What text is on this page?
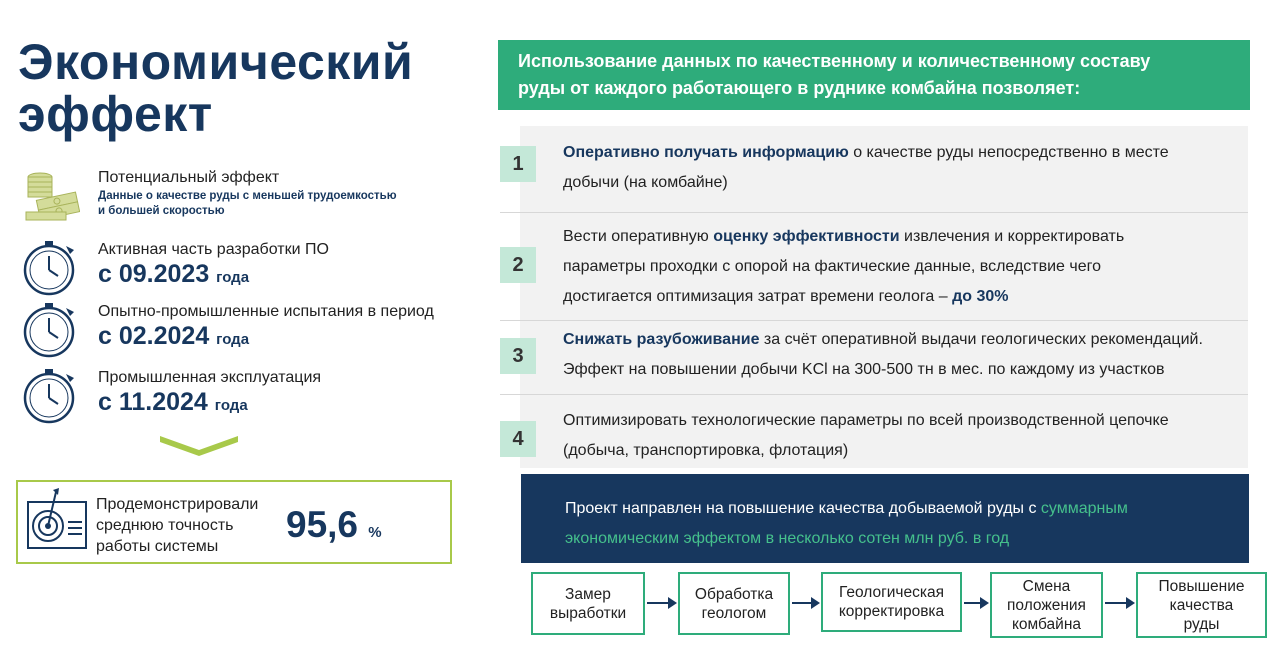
Экономический
эффект
Потенциальный эффект
Данные о качестве руды с меньшей трудоемкостью
и большей скоростью
Активная часть разработки ПО
с 09.2023 года
Опытно-промышленные испытания в период
с 02.2024 года
Промышленная эксплуатация
с 11.2024 года
Продемонстрировали
среднюю точность
работы системы
95,6 %
Использование данных по качественному и количественному составу
руды от каждого работающего в руднике комбайна позволяет:
1
Оперативно получать информацию о качестве руды непосредственно в месте
добычи (на комбайне)
2
Вести оперативную оценку эффективности извлечения и корректировать
параметры проходки с опорой на фактические данные, вследствие чего
достигается оптимизация затрат времени геолога – до 30%
3
Снижать разубоживание за счёт оперативной выдачи геологических рекомендаций.
Эффект на повышении добычи KCl на 300-500 тн в мес. по каждому из участков
4
Оптимизировать технологические параметры по всей производственной цепочке
(добыча, транспортировка, флотация)
Проект направлен на повышение качества добываемой руды с суммарным
экономическим эффектом в несколько сотен млн руб. в год
Замер
выработки
Обработка
геологом
Геологическая
корректировка
Смена
положения
комбайна
Повышение
качества
руды
